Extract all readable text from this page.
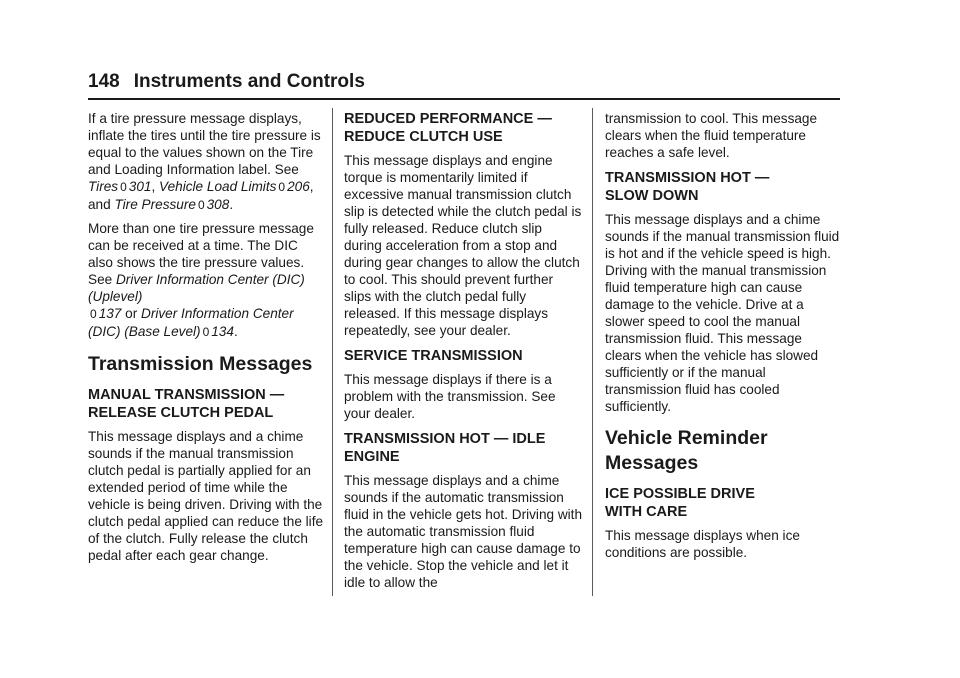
148 Instruments and Controls

If a tire pressure message displays, inflate the tires until the tire pressure is equal to the values shown on the Tire and Loading Information label. See Tires 0 301, Vehicle Load Limits 0 206, and Tire Pressure 0 308.

More than one tire pressure message can be received at a time. The DIC also shows the tire pressure values. See Driver Information Center (DIC) (Uplevel)
0 137 or Driver Information Center (DIC) (Base Level) 0 134.

Transmission Messages
MANUAL TRANSMISSION —
RELEASE CLUTCH PEDAL

This message displays and a chime sounds if the manual transmission clutch pedal is partially applied for an extended period of time while the vehicle is being driven. Driving with the clutch pedal applied can reduce the life of the clutch. Fully release the clutch pedal after each gear change.

REDUCED PERFORMANCE —
REDUCE CLUTCH USE

This message displays and engine torque is momentarily limited if excessive manual transmission clutch slip is detected while the clutch pedal is fully released. Reduce clutch slip during acceleration from a stop and during gear changes to allow the clutch to cool. This should prevent further slips with the clutch pedal fully released. If this message displays repeatedly, see your dealer.

SERVICE TRANSMISSION

This message displays if there is a problem with the transmission. See your dealer.

TRANSMISSION HOT — IDLE
ENGINE

This message displays and a chime sounds if the automatic transmission fluid in the vehicle gets hot. Driving with the automatic transmission fluid temperature high can cause damage to the vehicle. Stop the vehicle and let it idle to allow the

transmission to cool. This message clears when the fluid temperature reaches a safe level.

TRANSMISSION HOT —
SLOW DOWN

This message displays and a chime sounds if the manual transmission fluid is hot and if the vehicle speed is high. Driving with the manual transmission fluid temperature high can cause damage to the vehicle. Drive at a slower speed to cool the manual transmission fluid. This message clears when the vehicle has slowed sufficiently or if the manual transmission fluid has cooled sufficiently.

Vehicle Reminder
Messages
ICE POSSIBLE DRIVE
WITH CARE

This message displays when ice conditions are possible.
